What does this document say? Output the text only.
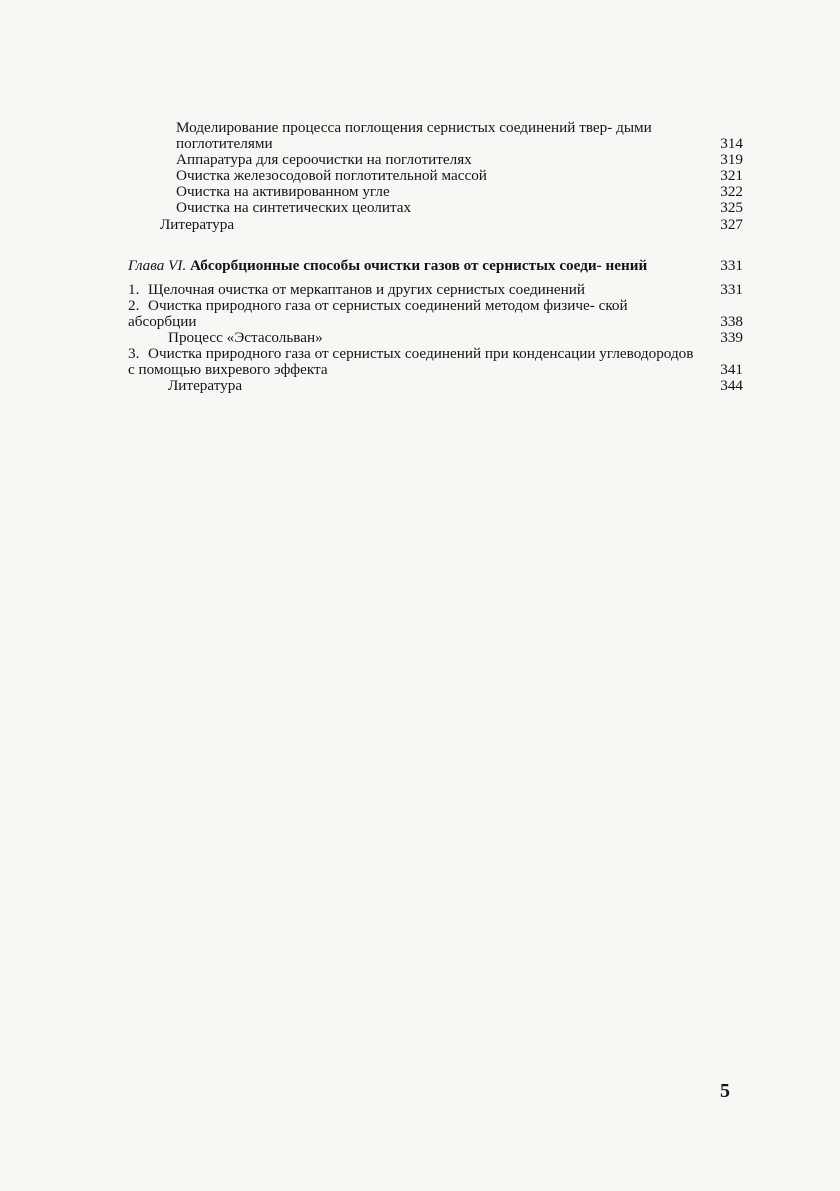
Моделирование процесса поглощения сернистых соединений твер- дыми поглотителями	314
Аппаратура для сероочистки на поглотителях	319
Очистка железосодовой поглотительной массой	321
Очистка на активированном угле	322
Очистка на синтетических цеолитах	325
Литература	327
Глава VI. Абсорбционные способы очистки газов от сернистых соеди- нений	331
1. Щелочная очистка от меркаптанов и других сернистых соединений	331
2. Очистка природного газа от сернистых соединений методом физиче- ской абсорбции	338
Процесс «Эстасольван»	339
3. Очистка природного газа от сернистых соединений при конденсации углеводородов с помощью вихревого эффекта	341
Литература	344
5
